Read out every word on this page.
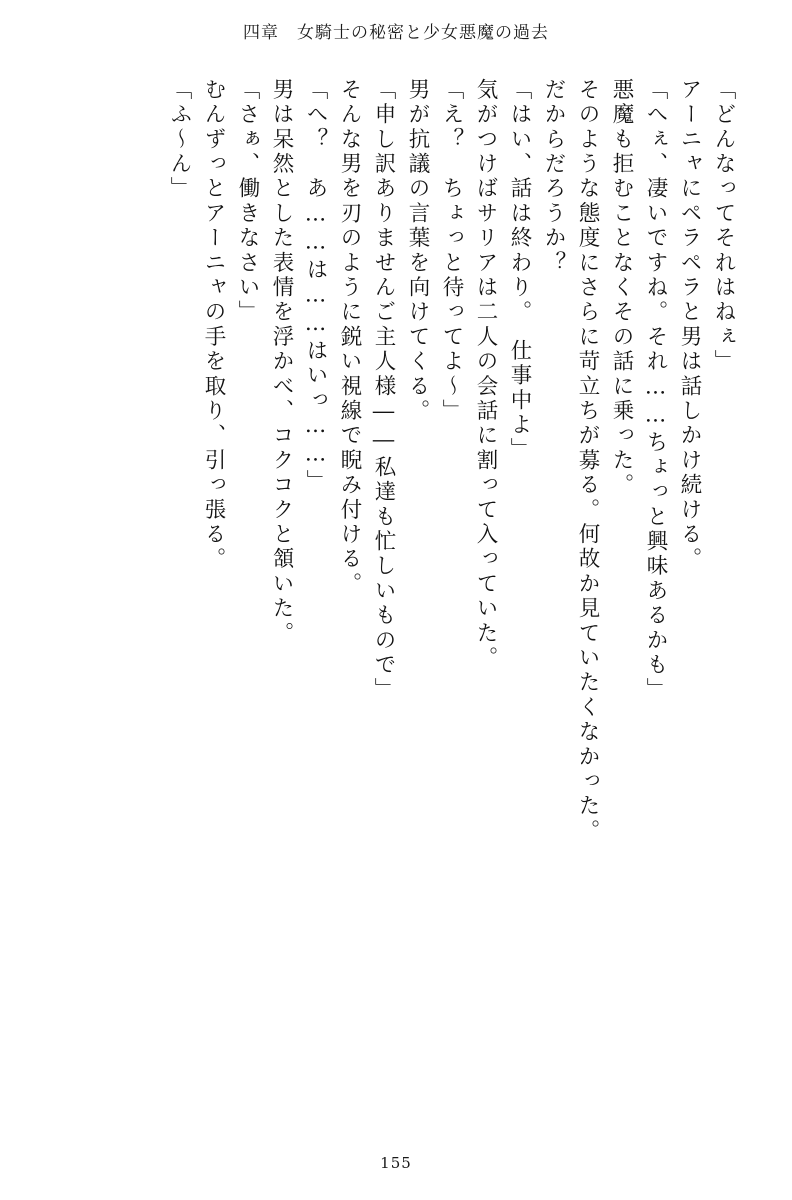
四章　女騎士の秘密と少女悪魔の過去
「どんなってそれはねぇ」
アーニャにペラペラと男は話しかけ続ける。
「へぇ、凄いですね。それ……ちょっと興味あるかも」
悪魔も拒むことなくその話に乗った。
そのような態度にさらに苛立ちが募る。何故か見ていたくなかった。
だからだろうか？
「はい、話は終わり。　仕事中よ」
気がつけばサリアは二人の会話に割って入っていた。
「え？　ちょっと待ってよ～」
男が抗議の言葉を向けてくる。
「申し訳ありませんご主人様――私達も忙しいもので」
そんな男を刃のように鋭い視線で睨み付ける。
「へ？　あ……は……はいっ……」
男は呆然とした表情を浮かべ、コクコクと頷いた。
「さぁ、働きなさい」
むんずっとアーニャの手を取り、引っ張る。
「ふ～ん」
155
